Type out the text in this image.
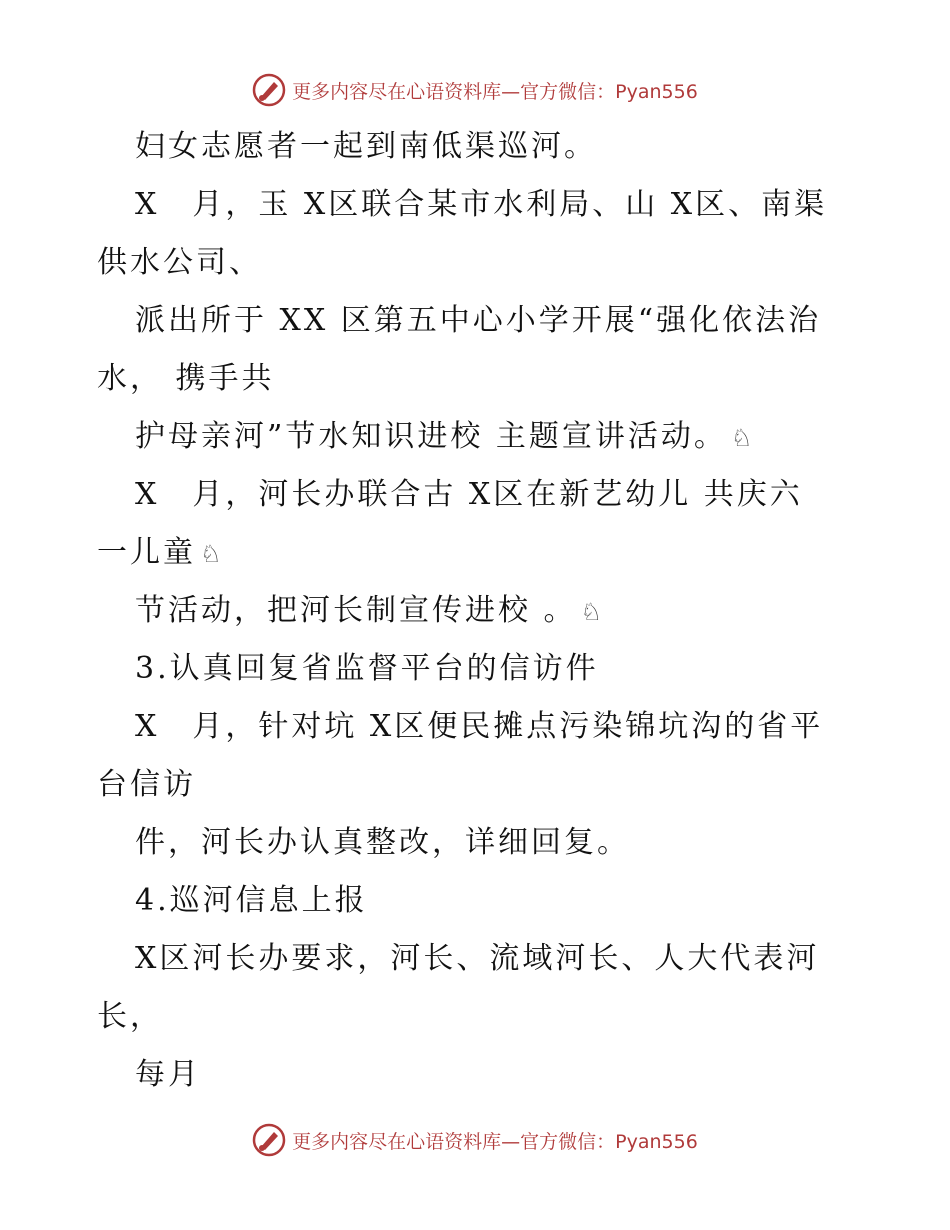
更多内容尽在心语资料库—官方微信：Pyan556
妇女志愿者一起到南低渠巡河。
X　月，玉 X区联合某市水利局、山 X区、南渠
供水公司、
派出所于 XX 区第五中心小学开展“强化依法治
水， 携手共
护母亲河”节水知识进校 主题宣讲活动。 ♘
X　月，河长办联合古 X区在新艺幼儿 共庆六
一儿童 ♘
节活动，把河长制宣传进校 。 ♘
3.认真回复省监督平台的信访件
X　月，针对坑 X区便民摊点污染锦坑沟的省平
台信访
件，河长办认真整改，详细回复。
4.巡河信息上报
X区河长办要求，河长、流域河长、人大代表河
长，
每月
更多内容尽在心语资料库—官方微信：Pyan556
